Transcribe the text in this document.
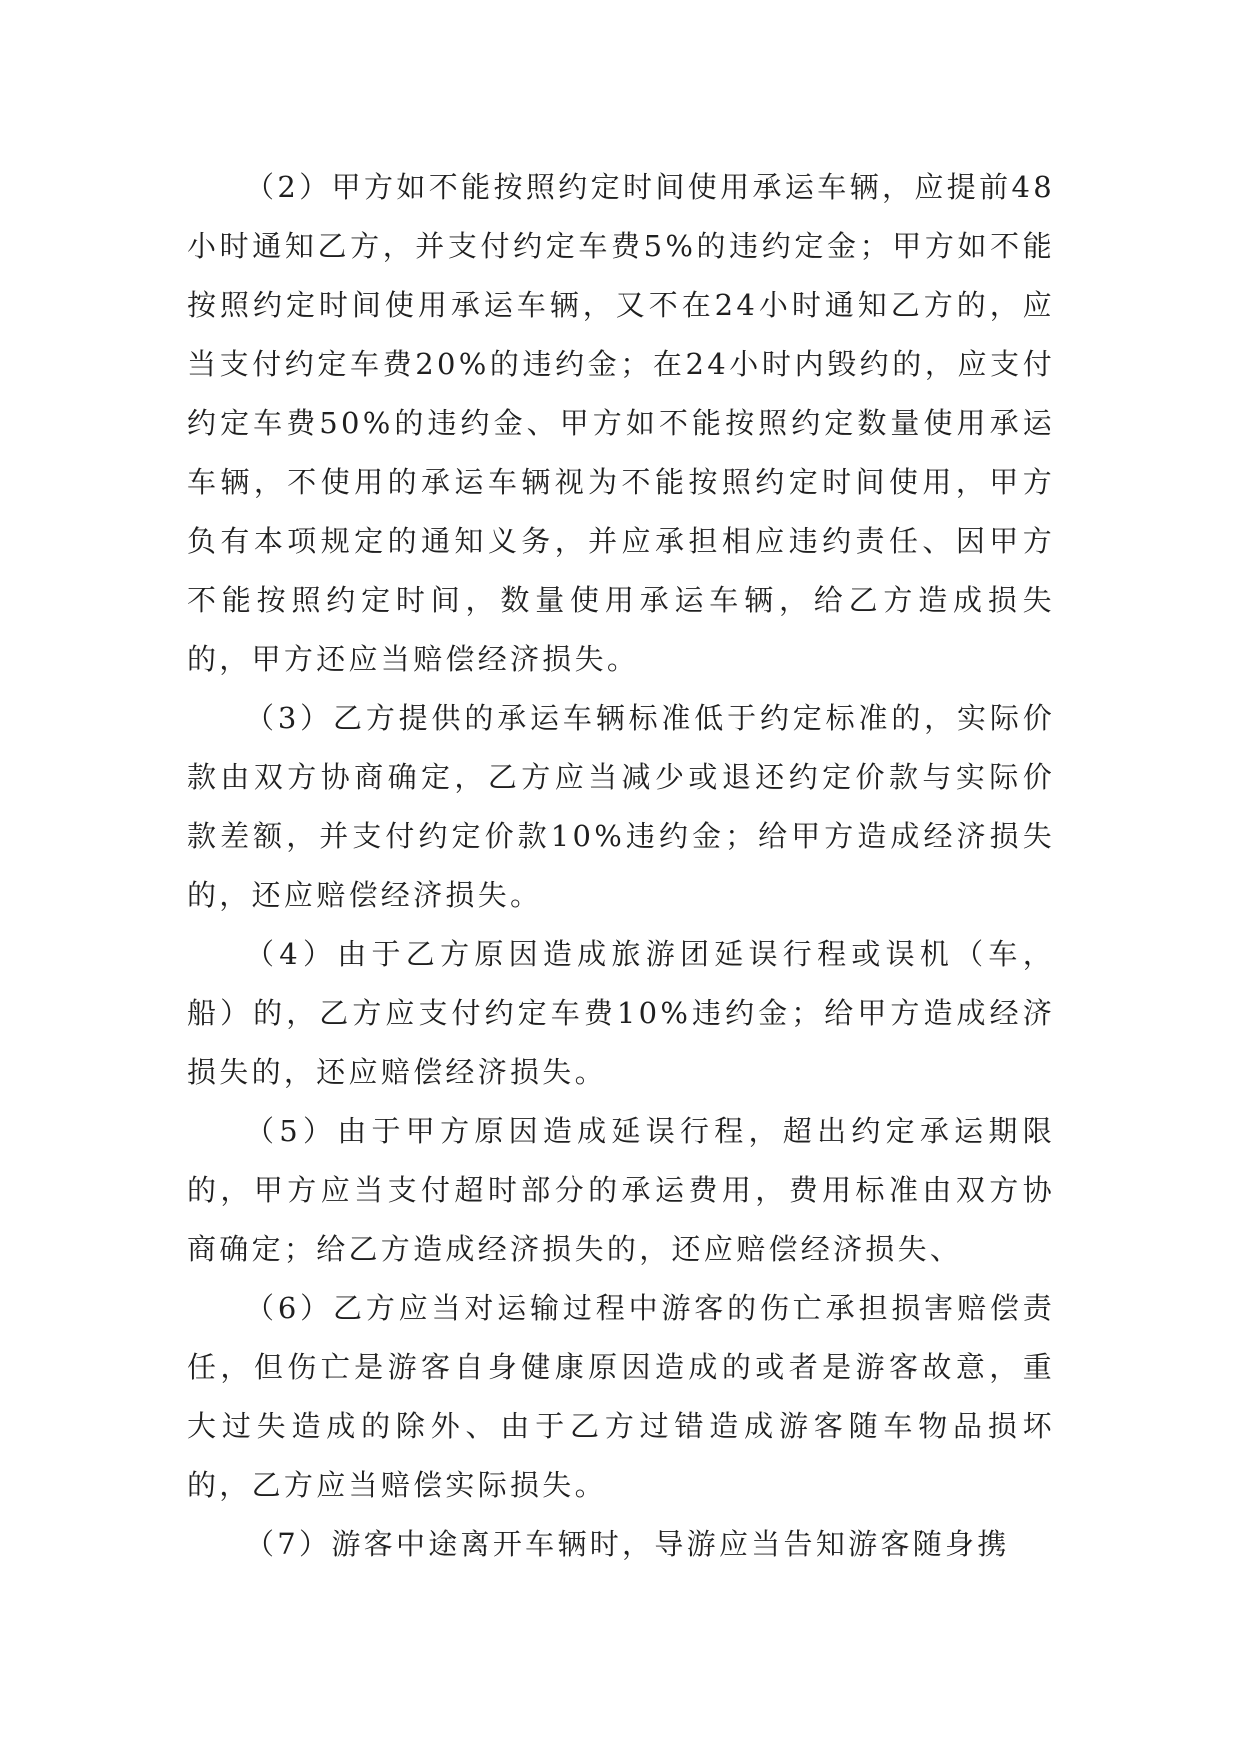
（2）甲方如不能按照约定时间使用承运车辆，应提前48小时通知乙方，并支付约定车费5%的违约定金；甲方如不能按照约定时间使用承运车辆，又不在24小时通知乙方的，应当支付约定车费20%的违约金；在24小时内毁约的，应支付约定车费50%的违约金、甲方如不能按照约定数量使用承运车辆，不使用的承运车辆视为不能按照约定时间使用，甲方负有本项规定的通知义务，并应承担相应违约责任、因甲方不能按照约定时间，数量使用承运车辆，给乙方造成损失的，甲方还应当赔偿经济损失。

（3）乙方提供的承运车辆标准低于约定标准的，实际价款由双方协商确定，乙方应当减少或退还约定价款与实际价款差额，并支付约定价款10%违约金；给甲方造成经济损失的，还应赔偿经济损失。

（4）由于乙方原因造成旅游团延误行程或误机（车，船）的，乙方应支付约定车费10%违约金；给甲方造成经济损失的，还应赔偿经济损失。

（5）由于甲方原因造成延误行程，超出约定承运期限的，甲方应当支付超时部分的承运费用，费用标准由双方协商确定；给乙方造成经济损失的，还应赔偿经济损失、

（6）乙方应当对运输过程中游客的伤亡承担损害赔偿责任，但伤亡是游客自身健康原因造成的或者是游客故意，重大过失造成的除外、由于乙方过错造成游客随车物品损坏的，乙方应当赔偿实际损失。

（7）游客中途离开车辆时，导游应当告知游客随身携
